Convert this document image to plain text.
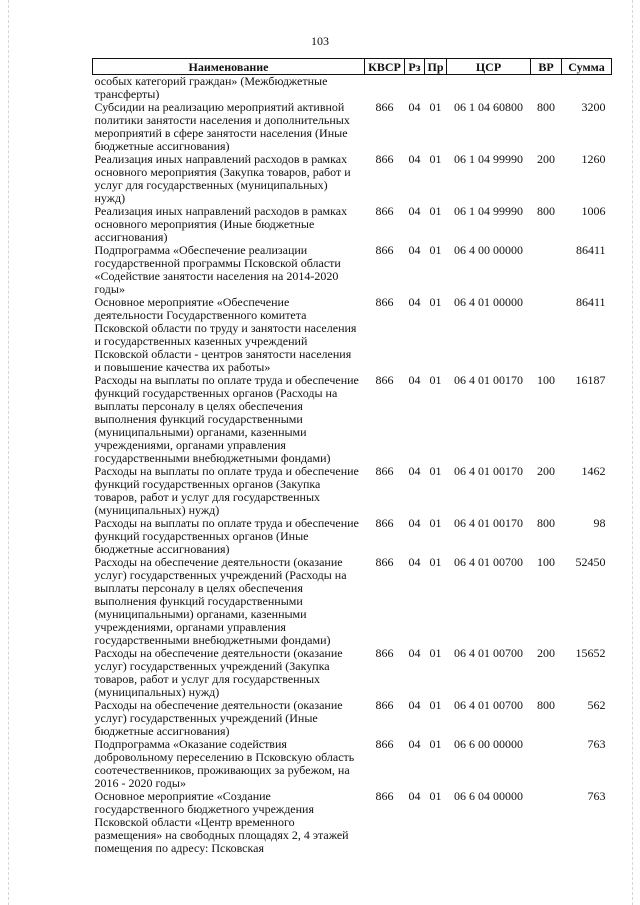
103
Наименование	КВСР	Рз	Пр	ЦСР	ВР	Сумма
особых категорий граждан» (Межбюджетные трансферты)						
Субсидии на реализацию мероприятий активной политики занятости населения и дополнительных мероприятий в сфере занятости населения (Иные бюджетные ассигнования)	866	04	01	06 1 04 60800	800	3200
Реализация иных направлений расходов в рамках основного мероприятия (Закупка товаров, работ и услуг для государственных (муниципальных) нужд)	866	04	01	06 1 04 99990	200	1260
Реализация иных направлений расходов в рамках основного мероприятия (Иные бюджетные ассигнования)	866	04	01	06 1 04 99990	800	1006
Подпрограмма «Обеспечение реализации государственной программы Псковской области «Содействие занятости населения на 2014-2020 годы»	866	04	01	06 4 00 00000		86411
Основное мероприятие «Обеспечение деятельности Государственного комитета Псковской области по труду и занятости населения и государственных казенных учреждений Псковской области - центров занятости населения и повышение качества их работы»	866	04	01	06 4 01 00000		86411
Расходы на выплаты по оплате труда и обеспечение функций государственных органов (Расходы на выплаты персоналу в целях обеспечения выполнения функций государственными (муниципальными) органами, казенными учреждениями, органами управления государственными внебюджетными фондами)	866	04	01	06 4 01 00170	100	16187
Расходы на выплаты по оплате труда и обеспечение функций государственных органов (Закупка товаров, работ и услуг для государственных (муниципальных) нужд)	866	04	01	06 4 01 00170	200	1462
Расходы на выплаты по оплате труда и обеспечение функций государственных органов (Иные бюджетные ассигнования)	866	04	01	06 4 01 00170	800	98
Расходы на обеспечение деятельности (оказание услуг) государственных учреждений (Расходы на выплаты персоналу в целях обеспечения выполнения функций государственными (муниципальными) органами, казенными учреждениями, органами управления государственными внебюджетными фондами)	866	04	01	06 4 01 00700	100	52450
Расходы на обеспечение деятельности (оказание услуг) государственных учреждений (Закупка товаров, работ и услуг для государственных (муниципальных) нужд)	866	04	01	06 4 01 00700	200	15652
Расходы на обеспечение деятельности (оказание услуг) государственных учреждений (Иные бюджетные ассигнования)	866	04	01	06 4 01 00700	800	562
Подпрограмма «Оказание содействия добровольному переселению в Псковскую область соотечественников, проживающих за рубежом, на 2016 - 2020 годы»	866	04	01	06 6 00 00000		763
Основное мероприятие «Создание государственного бюджетного учреждения Псковской области «Центр временного размещения» на свободных площадях 2, 4 этажей помещения по адресу: Псковская	866	04	01	06 6 04 00000		763
